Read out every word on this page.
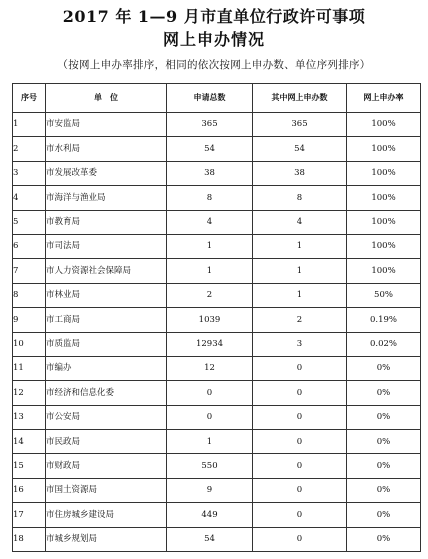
2017 年 1—9 月市直单位行政许可事项
网上申办情况
（按网上申办率排序，相同的依次按网上申办数、单位序列排序）
序号	单　位	申请总数	其中网上申办数	网上申办率
1	市安监局	365	365	100%
2	市水利局	54	54	100%
3	市发展改革委	38	38	100%
4	市海洋与渔业局	8	8	100%
5	市教育局	4	4	100%
6	市司法局	1	1	100%
7	市人力资源社会保障局	1	1	100%
8	市林业局	2	1	50%
9	市工商局	1039	2	0.19%
10	市质监局	12934	3	0.02%
11	市编办	12	0	0%
12	市经济和信息化委	0	0	0%
13	市公安局	0	0	0%
14	市民政局	1	0	0%
15	市财政局	550	0	0%
16	市国土资源局	9	0	0%
17	市住房城乡建设局	449	0	0%
18	市城乡规划局	54	0	0%
